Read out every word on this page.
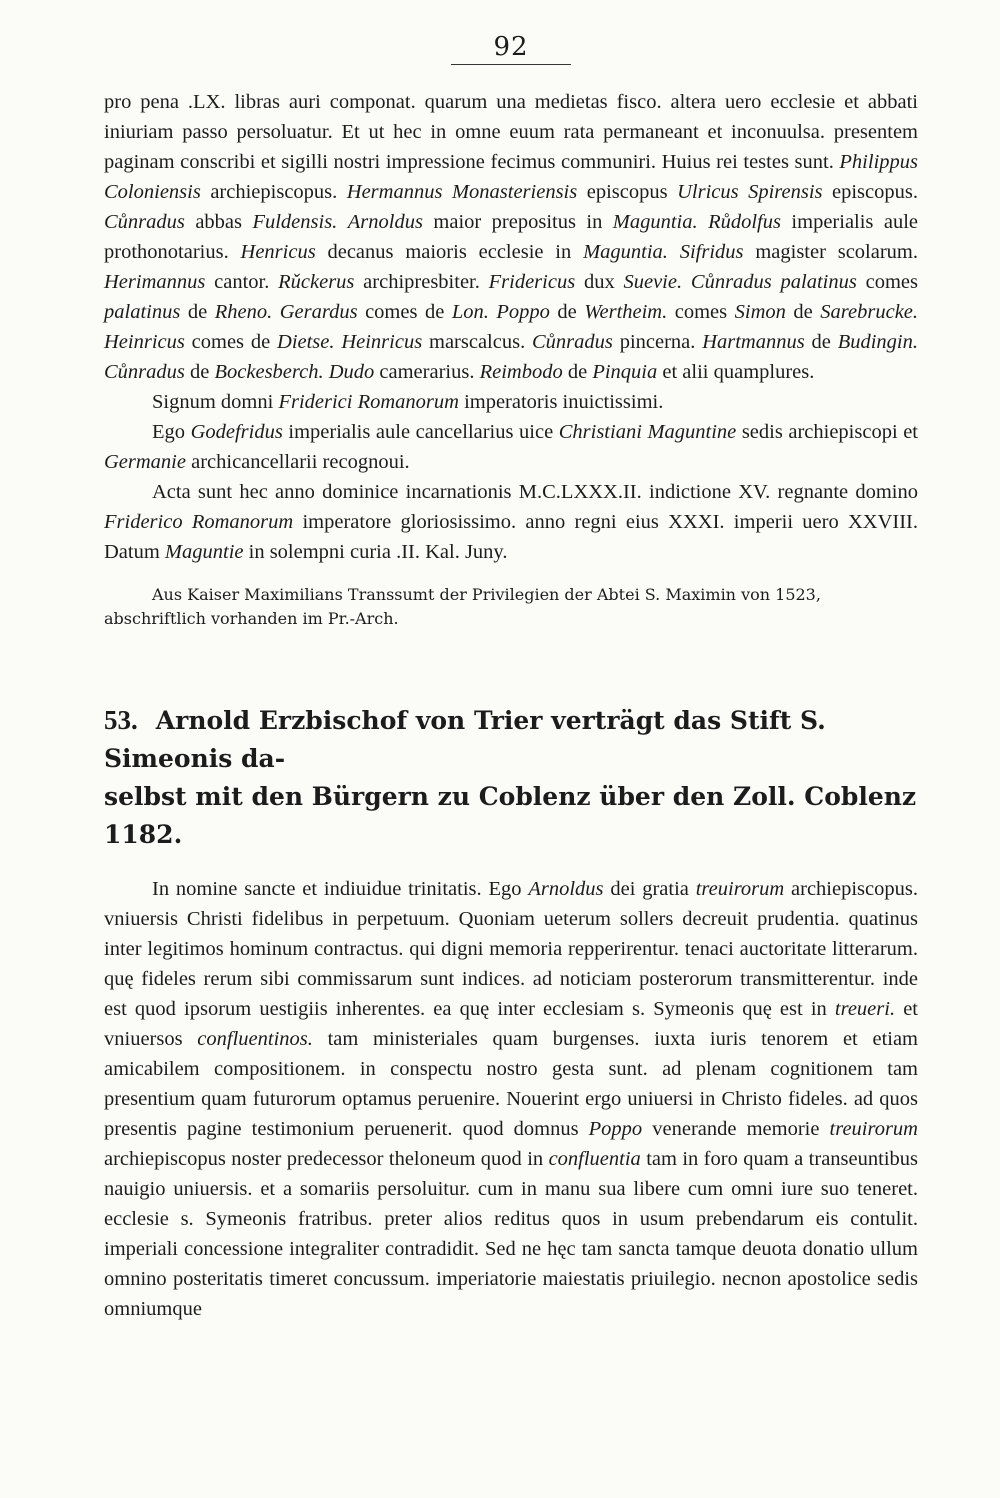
92

pro pena .LX. libras auri componat. quarum una medietas fisco. altera uero ecclesie et abbati iniuriam passo persoluatur. Et ut hec in omne euum rata permaneant et inconuulsa. presentem paginam conscribi et sigilli nostri impressione fecimus communiri. Huius rei testes sunt. Philippus Coloniensis archiepiscopus. Hermannus Monasteriensis episcopus Ulricus Spirensis episcopus. Cůnradus abbas Fuldensis. Arnoldus maior prepositus in Maguntia. Růdolfus imperialis aule prothonotarius. Henricus decanus maioris ecclesie in Maguntia. Sifridus magister scolarum. Herimannus cantor. Rǔckerus archipresbiter. Fridericus dux Suevie. Cůnradus palatinus comes palatinus de Rheno. Gerardus comes de Lon. Poppo de Wertheim. comes Simon de Sarebrucke. Heinricus comes de Dietse. Heinricus marscalcus. Cůnradus pincerna. Hartmannus de Budingin. Cůnradus de Bockesberch. Dudo camerarius. Reimbodo de Pinquia et alii quamplures.

Signum domni Friderici Romanorum imperatoris inuictissimi.

Ego Godefridus imperialis aule cancellarius uice Christiani Maguntine sedis archiepiscopi et Germanie archicancellarii recognoui.

Acta sunt hec anno dominice incarnationis M.C.LXXX.II. indictione XV. regnante domino Friderico Romanorum imperatore gloriosissimo. anno regni eius XXXI. imperii uero XXVIII. Datum Maguntie in solempni curia .II. Kal. Juny.

Aus Kaiser Maximilians Transsumt der Privilegien der Abtei S. Maximin von 1523, abschriftlich vorhanden im Pr.-Arch.

53. Arnold Erzbischof von Trier verträgt das Stift S. Simeonis da-
selbst mit den Bürgern zu Coblenz über den Zoll. Coblenz 1182.

In nomine sancte et indiuidue trinitatis. Ego Arnoldus dei gratia treuirorum archiepiscopus. vniuersis Christi fidelibus in perpetuum. Quoniam ueterum sollers decreuit prudentia. quatinus inter legitimos hominum contractus. qui digni memoria repperirentur. tenaci auctoritate litterarum. quę fideles rerum sibi commissarum sunt indices. ad noticiam posterorum transmitterentur. inde est quod ipsorum uestigiis inherentes. ea quę inter ecclesiam s. Symeonis quę est in treueri. et vniuersos confluentinos. tam ministeriales quam burgenses. iuxta iuris tenorem et etiam amicabilem compositionem. in conspectu nostro gesta sunt. ad plenam cognitionem tam presentium quam futurorum optamus peruenire. Nouerint ergo uniuersi in Christo fideles. ad quos presentis pagine testimonium peruenerit. quod domnus Poppo venerande memorie treuirorum archiepiscopus noster predecessor theloneum quod in confluentia tam in foro quam a transeuntibus nauigio uniuersis. et a somariis persoluitur. cum in manu sua libere cum omni iure suo teneret. ecclesie s. Symeonis fratribus. preter alios reditus quos in usum prebendarum eis contulit. imperiali concessione integraliter contradidit. Sed ne hęc tam sancta tamque deuota donatio ullum omnino posteritatis timeret concussum. imperiatorie maiestatis priuilegio. necnon apostolice sedis omniumque
